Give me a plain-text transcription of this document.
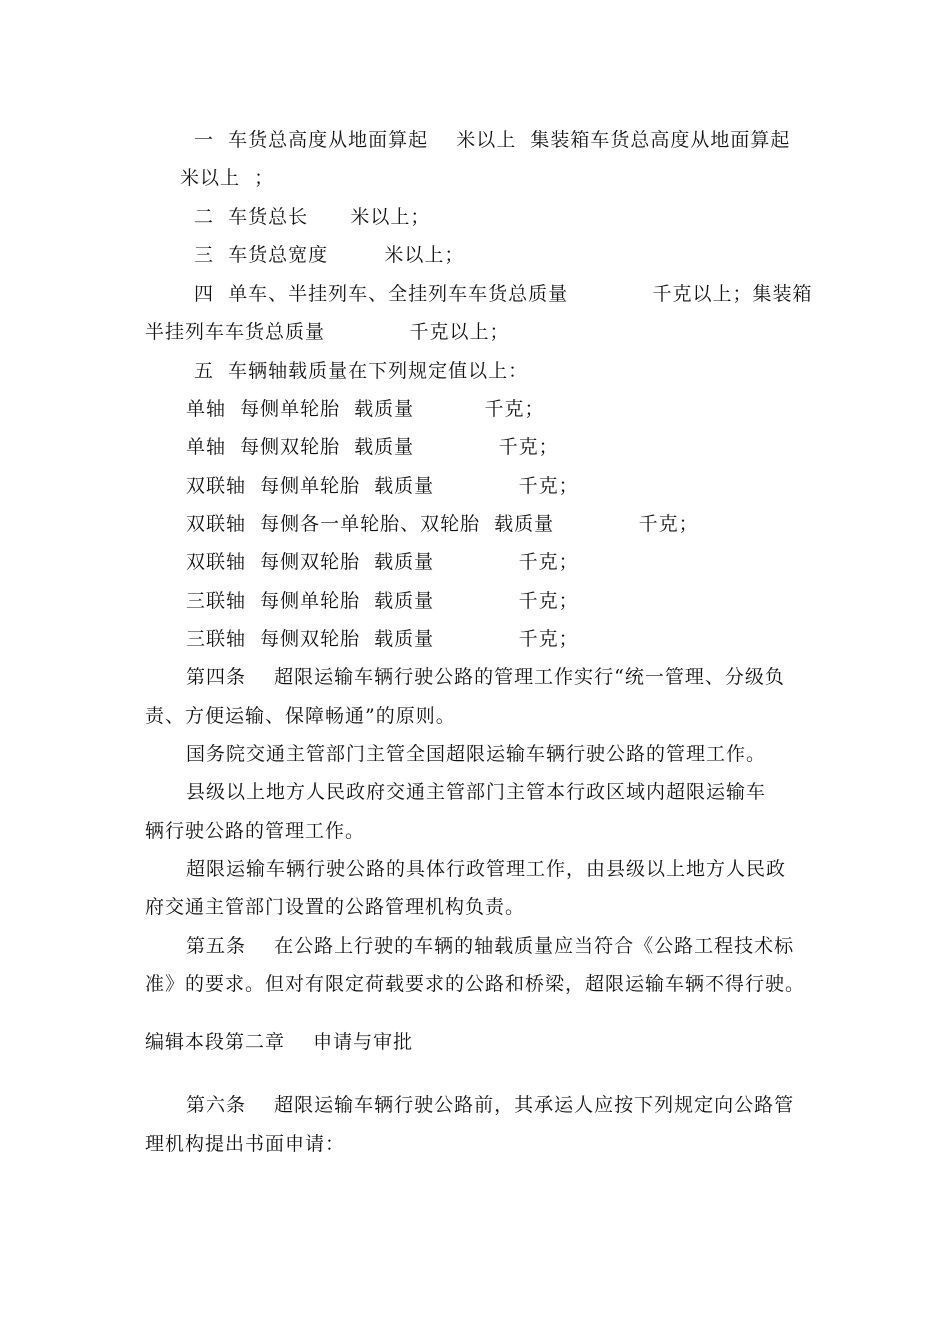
一  车货总高度从地面算起    米以上  集装箱车货总高度从地面算起
米以上  ；
二  车货总长      米以上；
三  车货总宽度        米以上；
四  单车、半挂列车、全挂列车车货总质量            千克以上；集装箱
半挂列车车货总质量            千克以上；
五  车辆轴载质量在下列规定值以上：
单轴  每侧单轮胎  载质量          千克；
单轴  每侧双轮胎  载质量            千克；
双联轴  每侧单轮胎  载质量            千克；
双联轴  每侧各一单轮胎、双轮胎  载质量            千克；
双联轴  每侧双轮胎  载质量            千克；
三联轴  每侧单轮胎  载质量            千克；
三联轴  每侧双轮胎  载质量            千克；
第四条    超限运输车辆行驶公路的管理工作实行“统一管理、分级负
责、方便运输、保障畅通”的原则。
国务院交通主管部门主管全国超限运输车辆行驶公路的管理工作。
县级以上地方人民政府交通主管部门主管本行政区域内超限运输车
辆行驶公路的管理工作。
超限运输车辆行驶公路的具体行政管理工作，由县级以上地方人民政
府交通主管部门设置的公路管理机构负责。
第五条    在公路上行驶的车辆的轴载质量应当符合《公路工程技术标
准》的要求。但对有限定荷载要求的公路和桥梁，超限运输车辆不得行驶。
编辑本段第二章    申请与审批
第六条    超限运输车辆行驶公路前，其承运人应按下列规定向公路管
理机构提出书面申请：
